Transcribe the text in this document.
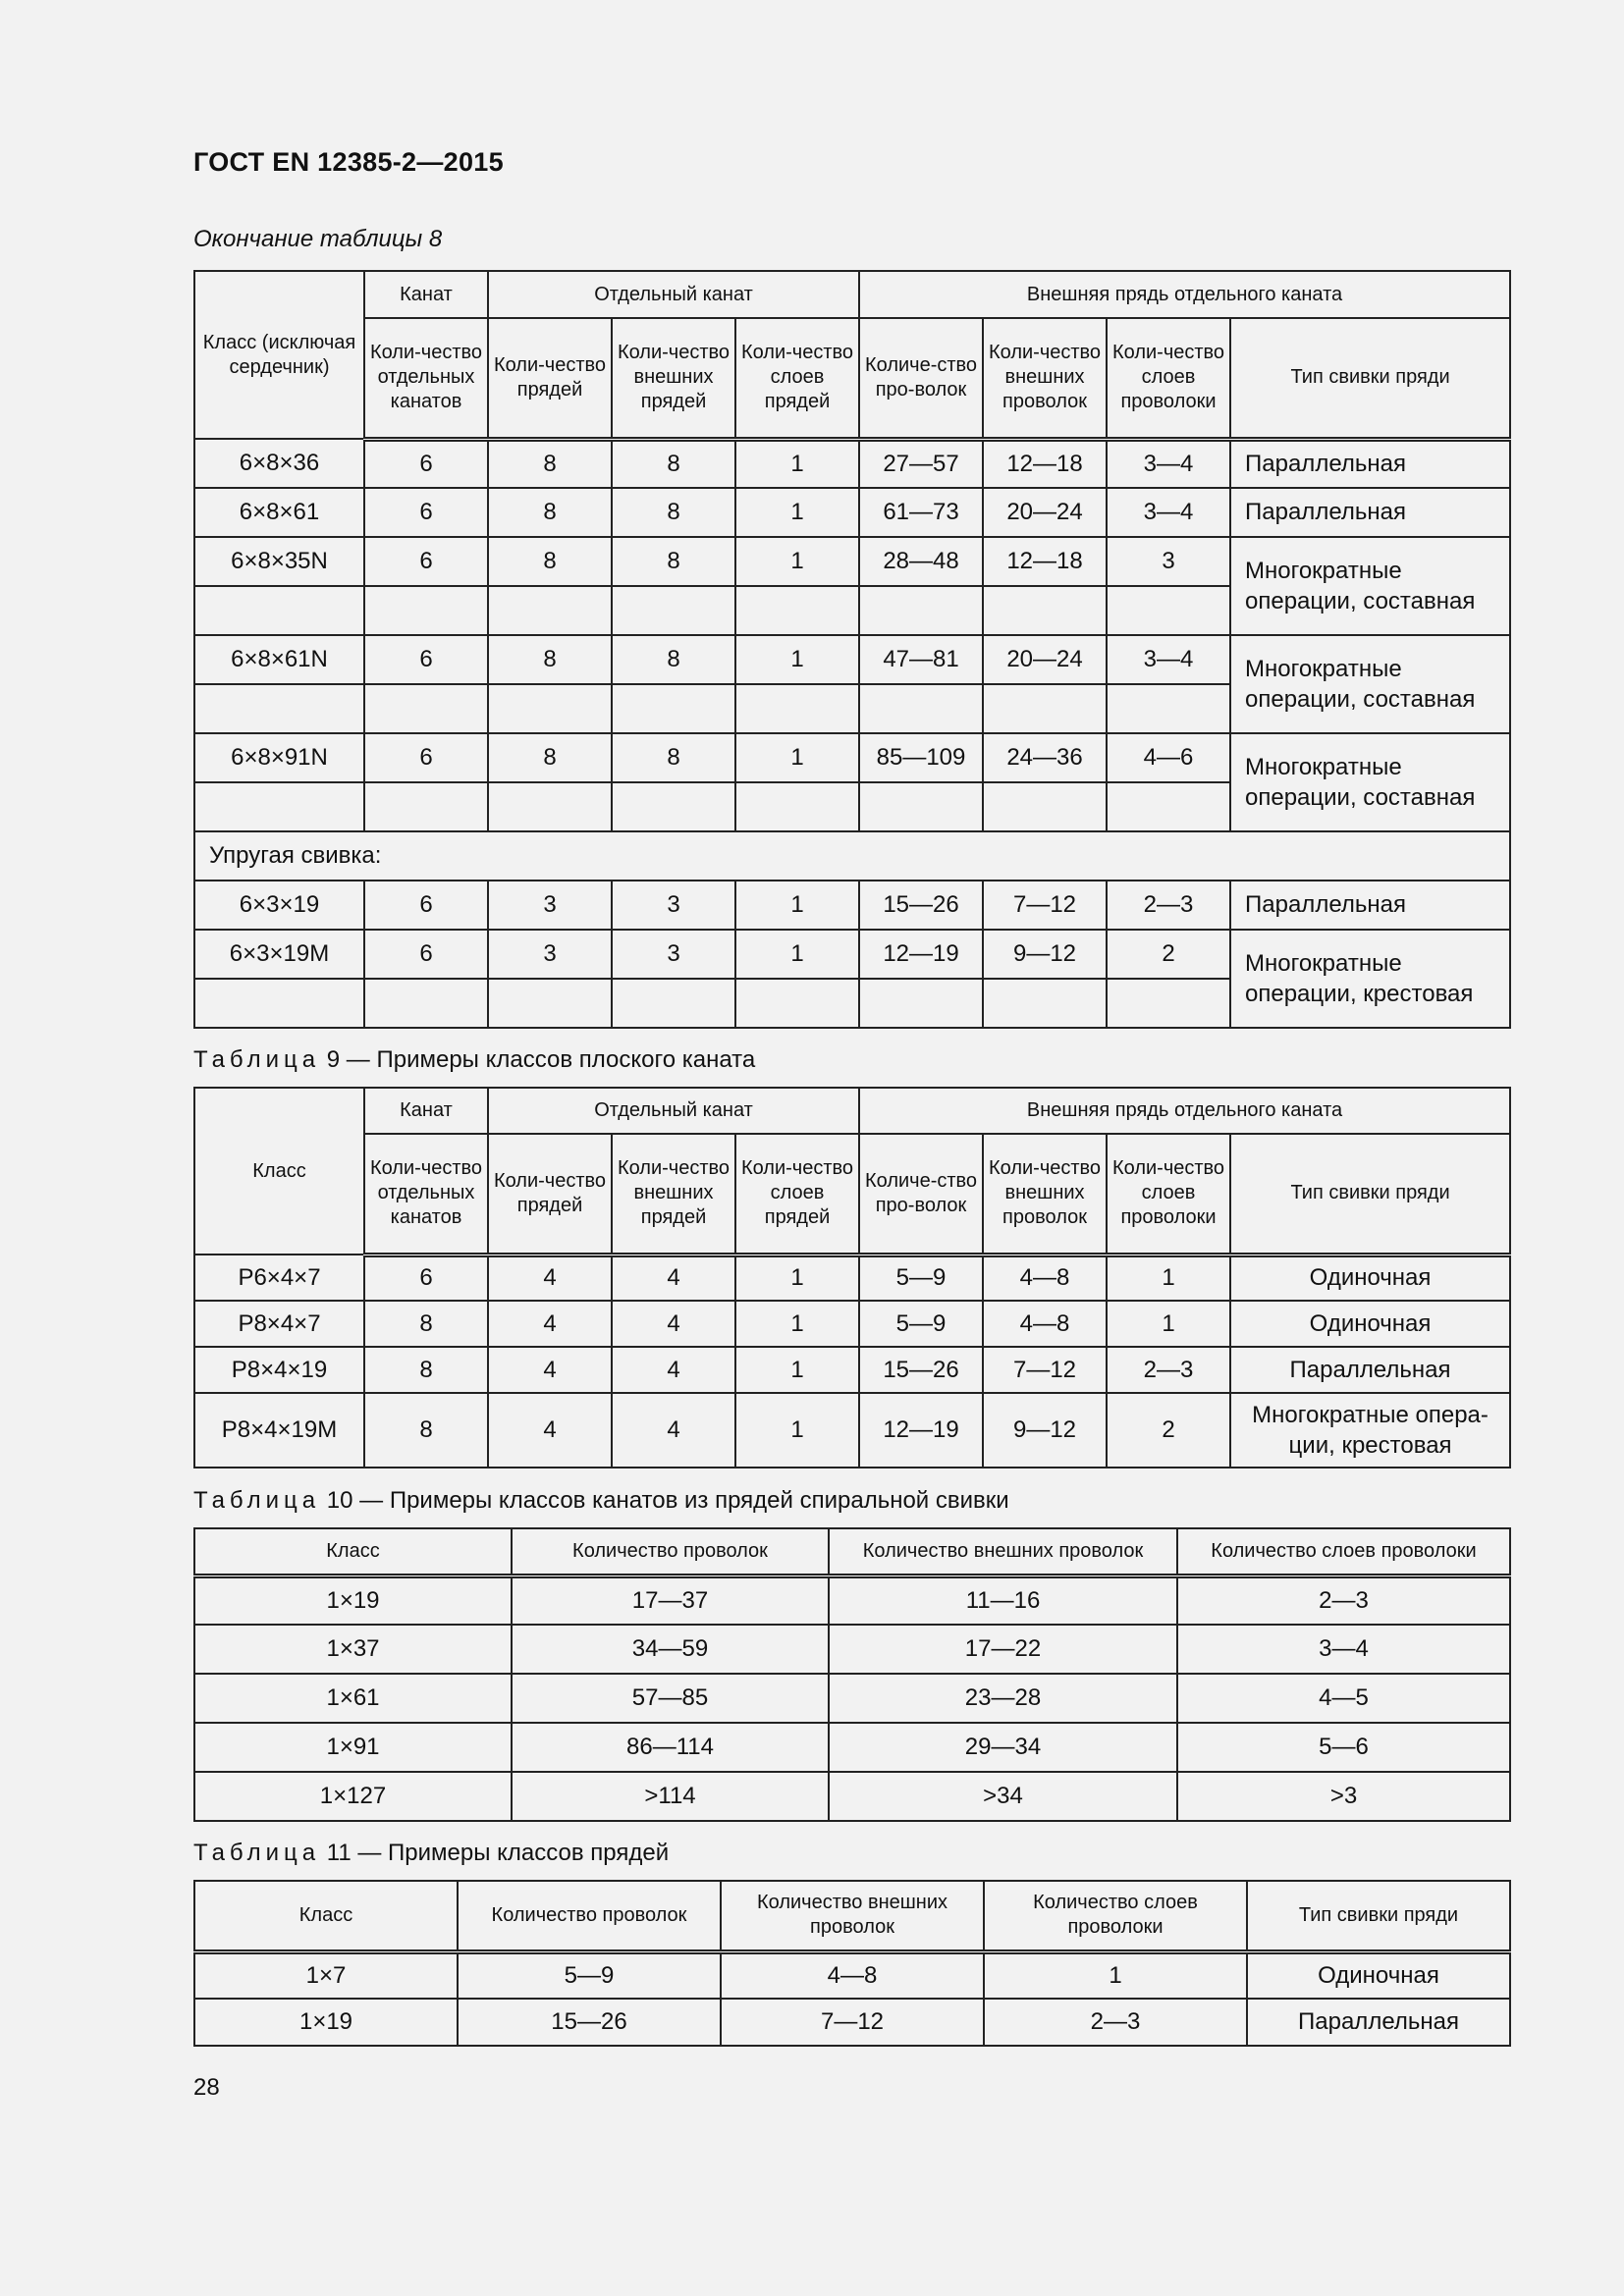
ГОСТ EN 12385-2—2015
Окончание таблицы 8
Класс (исключая сердечник)	Канат	Отдельный канат			Внешняя прядь отдельного каната			
	Коли-чество отдельных канатов	Коли-чество прядей	Коли-чество внешних прядей	Коли-чество слоев прядей	Количе-ство про-волок	Коли-чество внешних проволок	Коли-чество слоев проволоки	Тип свивки пряди
6×8×36	6	8	8	1	27—57	12—18	3—4	Параллельная
6×8×61	6	8	8	1	61—73	20—24	3—4	Параллельная
6×8×35N	6	8	8	1	28—48	12—18	3	Многократные операции, составная

6×8×61N	6	8	8	1	47—81	20—24	3—4	Многократные операции, составная

6×8×91N	6	8	8	1	85—109	24—36	4—6	Многократные операции, составная

Упругая свивка:								
6×3×19	6	3	3	1	15—26	7—12	2—3	Параллельная
6×3×19M	6	3	3	1	12—19	9—12	2	Многократные операции, крестовая

Таблица 9 — Примеры классов плоского каната
Класс	Канат	Отдельный канат			Внешняя прядь отдельного каната			
	Коли-чество отдельных канатов	Коли-чество прядей	Коли-чество внешних прядей	Коли-чество слоев прядей	Количе-ство про-волок	Коли-чество внешних проволок	Коли-чество слоев проволоки	Тип свивки пряди
P6×4×7	6	4	4	1	5—9	4—8	1	Одиночная
P8×4×7	8	4	4	1	5—9	4—8	1	Одиночная
P8×4×19	8	4	4	1	15—26	7—12	2—3	Параллельная
P8×4×19M	8	4	4	1	12—19	9—12	2	Многократные опера-ции, крестовая
Таблица 10 — Примеры классов канатов из прядей спиральной свивки
Класс	Количество проволок	Количество внешних проволок	Количество слоев проволоки
1×19	17—37	11—16	2—3
1×37	34—59	17—22	3—4
1×61	57—85	23—28	4—5
1×91	86—114	29—34	5—6
1×127	>114	>34	>3
Таблица 11 — Примеры классов прядей
Класс	Количество проволок	Количество внешних проволок	Количество слоев проволоки	Тип свивки пряди
1×7	5—9	4—8	1	Одиночная
1×19	15—26	7—12	2—3	Параллельная
28
